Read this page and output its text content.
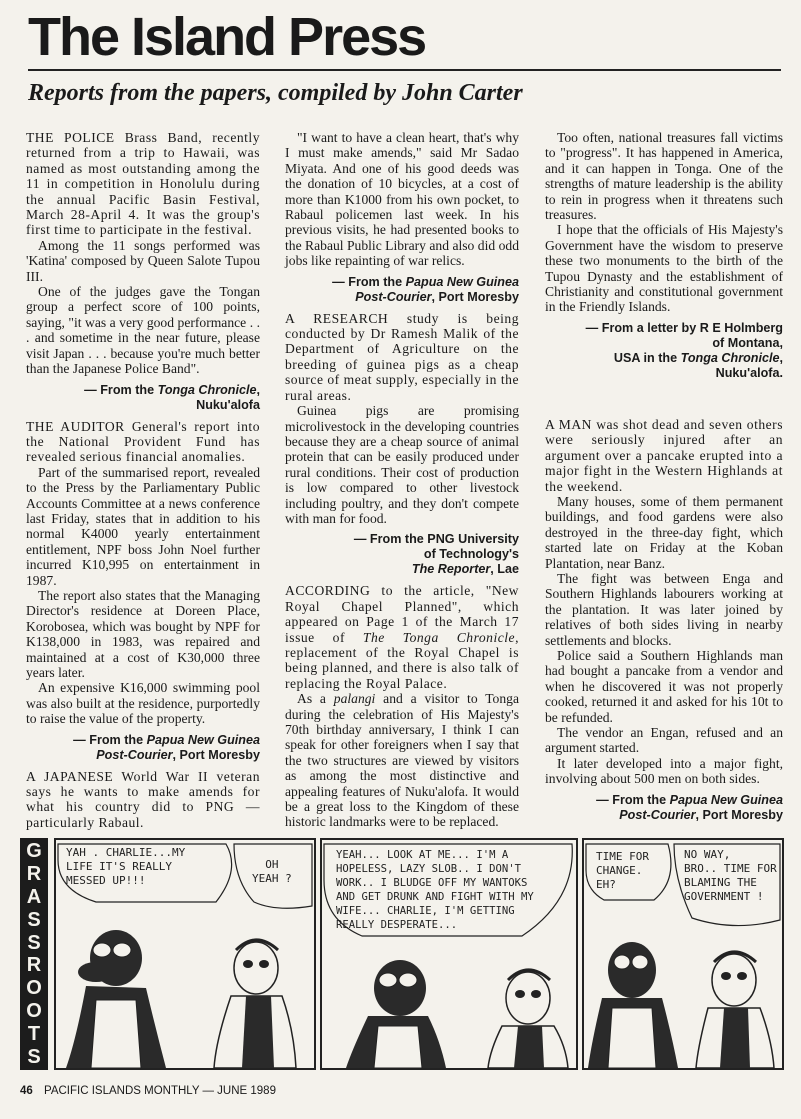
The Island Press
Reports from the papers, compiled by John Carter

THE POLICE Brass Band, recently returned from a trip to Hawaii, was named as most outstanding among the 11 in competition in Honolulu during the annual Pacific Basin Festival, March 28-April 4. It was the group's first time to participate in the festival.

Among the 11 songs performed was 'Katina' composed by Queen Salote Tupou III.

One of the judges gave the Tongan group a perfect score of 100 points, saying, "it was a very good performance . . . and sometime in the near future, please visit Japan . . . because you're much better than the Japanese Police Band".

— From the Tonga Chronicle,
Nuku'alofa

THE AUDITOR General's report into the National Provident Fund has revealed serious financial anomalies.

Part of the summarised report, revealed to the Press by the Parliamentary Public Accounts Committee at a news conference last Friday, states that in addition to his normal K4000 yearly entertainment entitlement, NPF boss John Noel further incurred K10,995 on entertainment in 1987.

The report also states that the Managing Director's residence at Doreen Place, Korobosea, which was bought by NPF for K138,000 in 1983, was repaired and maintained at a cost of K30,000 three years later.

An expensive K16,000 swimming pool was also built at the residence, purportedly to raise the value of the property.

— From the Papua New Guinea
Post-Courier, Port Moresby

A JAPANESE World War II veteran says he wants to make amends for what his country did to PNG — particularly Rabaul.

"I want to have a clean heart, that's why I must make amends," said Mr Sadao Miyata. And one of his good deeds was the donation of 10 bicycles, at a cost of more than K1000 from his own pocket, to Rabaul policemen last week. In his previous visits, he had presented books to the Rabaul Public Library and also did odd jobs like repainting of war relics.

— From the Papua New Guinea
Post-Courier, Port Moresby

A RESEARCH study is being conducted by Dr Ramesh Malik of the Department of Agriculture on the breeding of guinea pigs as a cheap source of meat supply, especially in the rural areas.

Guinea pigs are promising microlivestock in the developing countries because they are a cheap source of animal protein that can be easily produced under rural conditions. Their cost of production is low compared to other livestock including poultry, and they don't compete with man for food.

— From the PNG University
of Technology's
The Reporter, Lae

ACCORDING to the article, "New Royal Chapel Planned", which appeared on Page 1 of the March 17 issue of The Tonga Chronicle, replacement of the Royal Chapel is being planned, and there is also talk of replacing the Royal Palace.

As a palangi and a visitor to Tonga during the celebration of His Majesty's 70th birthday anniversary, I think I can speak for other foreigners when I say that the two structures are viewed by visitors as among the most distinctive and appealing features of Nuku'alofa. It would be a great loss to the Kingdom of these historic landmarks were to be replaced.

Too often, national treasures fall victims to "progress". It has happened in America, and it can happen in Tonga. One of the strengths of mature leadership is the ability to rein in progress when it threatens such treasures.

I hope that the officials of His Majesty's Government have the wisdom to preserve these two monuments to the birth of the Tupou Dynasty and the establishment of Christianity and constitutional government in the Friendly Islands.

— From a letter by R E Holmberg
of Montana,
USA in the Tonga Chronicle,
Nuku'alofa.

A MAN was shot dead and seven others were seriously injured after an argument over a pancake erupted into a major fight in the Western Highlands at the weekend.

Many houses, some of them permanent buildings, and food gardens were also destroyed in the three-day fight, which started late on Friday at the Koban Plantation, near Banz.

The fight was between Enga and Southern Highlands labourers working at the plantation. It was later joined by relatives of both sides living in nearby settlements and blocks.

Police said a Southern Highlands man had bought a pancake from a vendor and when he discovered it was not properly cooked, returned it and asked for his 10t to be refunded.

The vendor an Engan, refused and an argument started.

It later developed into a major fight, involving about 500 men on both sides.

— From the Papua New Guinea
Post-Courier, Port Moresby

G
R
A
S
S
R
O
O
T
S
YAH . CHARLIE...MY
LIFE IT'S REALLY
MESSED UP!!!
OH
YEAH ?
YEAH... LOOK AT ME... I'M A
HOPELESS, LAZY SLOB.. I DON'T
WORK.. I BLUDGE OFF MY WANTOKS
AND GET DRUNK AND FIGHT WITH MY
WIFE... CHARLIE, I'M GETTING
REALLY DESPERATE...
TIME FOR
CHANGE.
EH?
NO WAY,
BRO.. TIME FOR
BLAMING THE
GOVERNMENT !
46 PACIFIC ISLANDS MONTHLY — JUNE 1989
